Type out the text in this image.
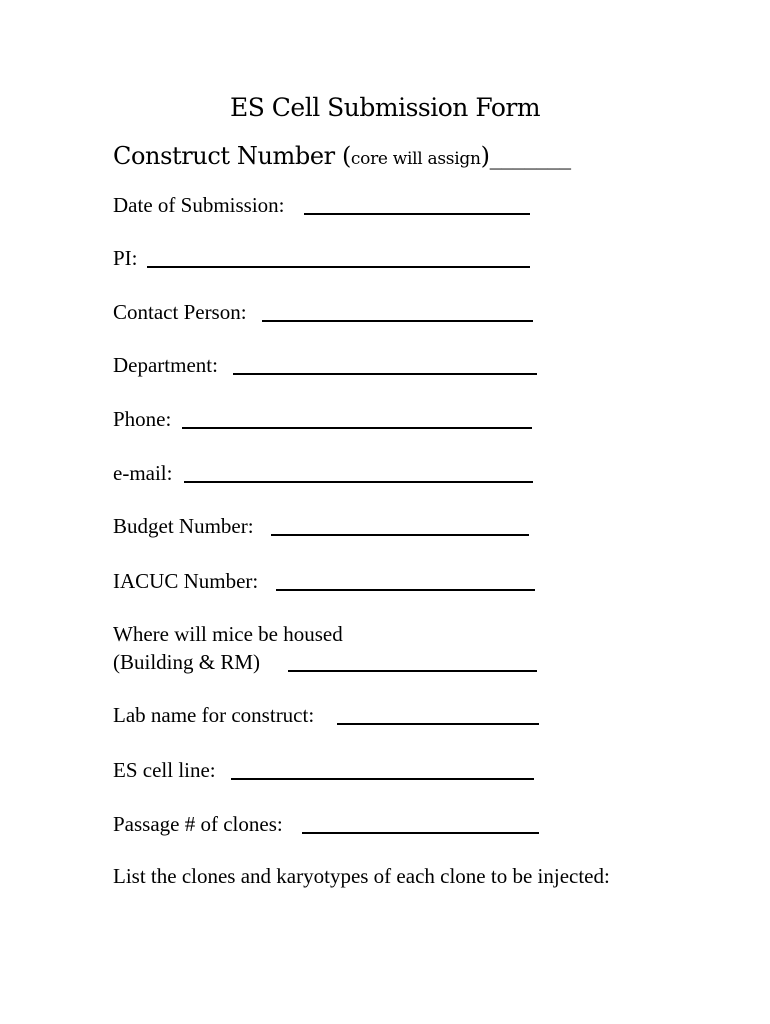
ES Cell Submission Form
Construct Number (core will assign)_______
Date of Submission:
PI:
Contact Person:
Department:
Phone:
e-mail:
Budget Number:
IACUC Number:
Where will mice be housed
(Building & RM)
Lab name for construct:
ES cell line:
Passage # of clones:
List the clones and karyotypes of each clone to be injected:
